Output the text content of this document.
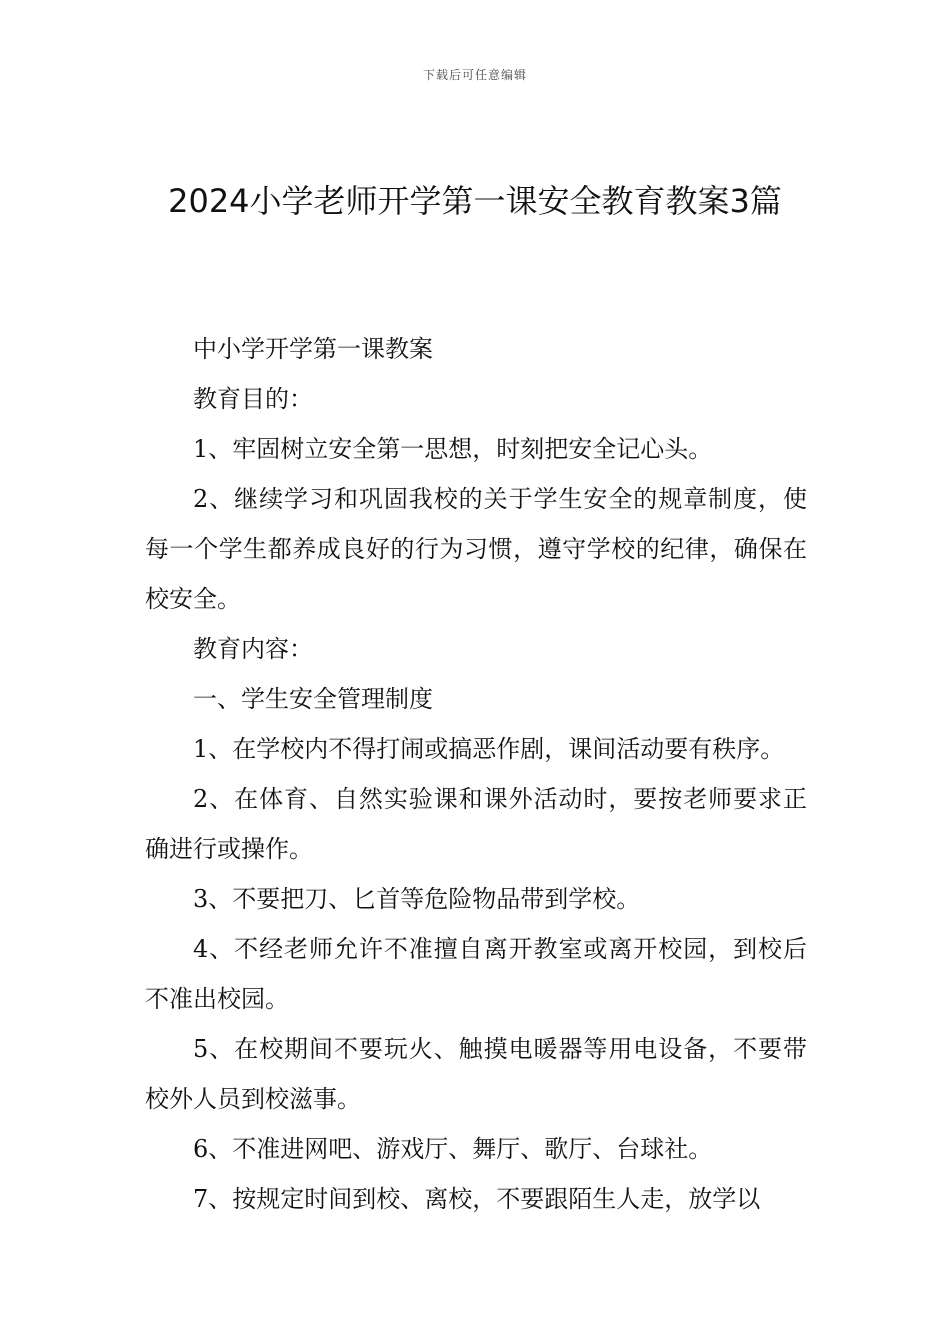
下载后可任意编辑
2024小学老师开学第一课安全教育教案3篇

中小学开学第一课教案

教育目的：

1、牢固树立安全第一思想，时刻把安全记心头。

2、继续学习和巩固我校的关于学生安全的规章制度，使每一个学生都养成良好的行为习惯，遵守学校的纪律，确保在校安全。

教育内容：

一、学生安全管理制度

1、在学校内不得打闹或搞恶作剧，课间活动要有秩序。

2、在体育、自然实验课和课外活动时，要按老师要求正确进行或操作。

3、不要把刀、匕首等危险物品带到学校。

4、不经老师允许不准擅自离开教室或离开校园，到校后不准出校园。

5、在校期间不要玩火、触摸电暖器等用电设备，不要带校外人员到校滋事。

6、不准进网吧、游戏厅、舞厅、歌厅、台球社。

7、按规定时间到校、离校，不要跟陌生人走，放学以
